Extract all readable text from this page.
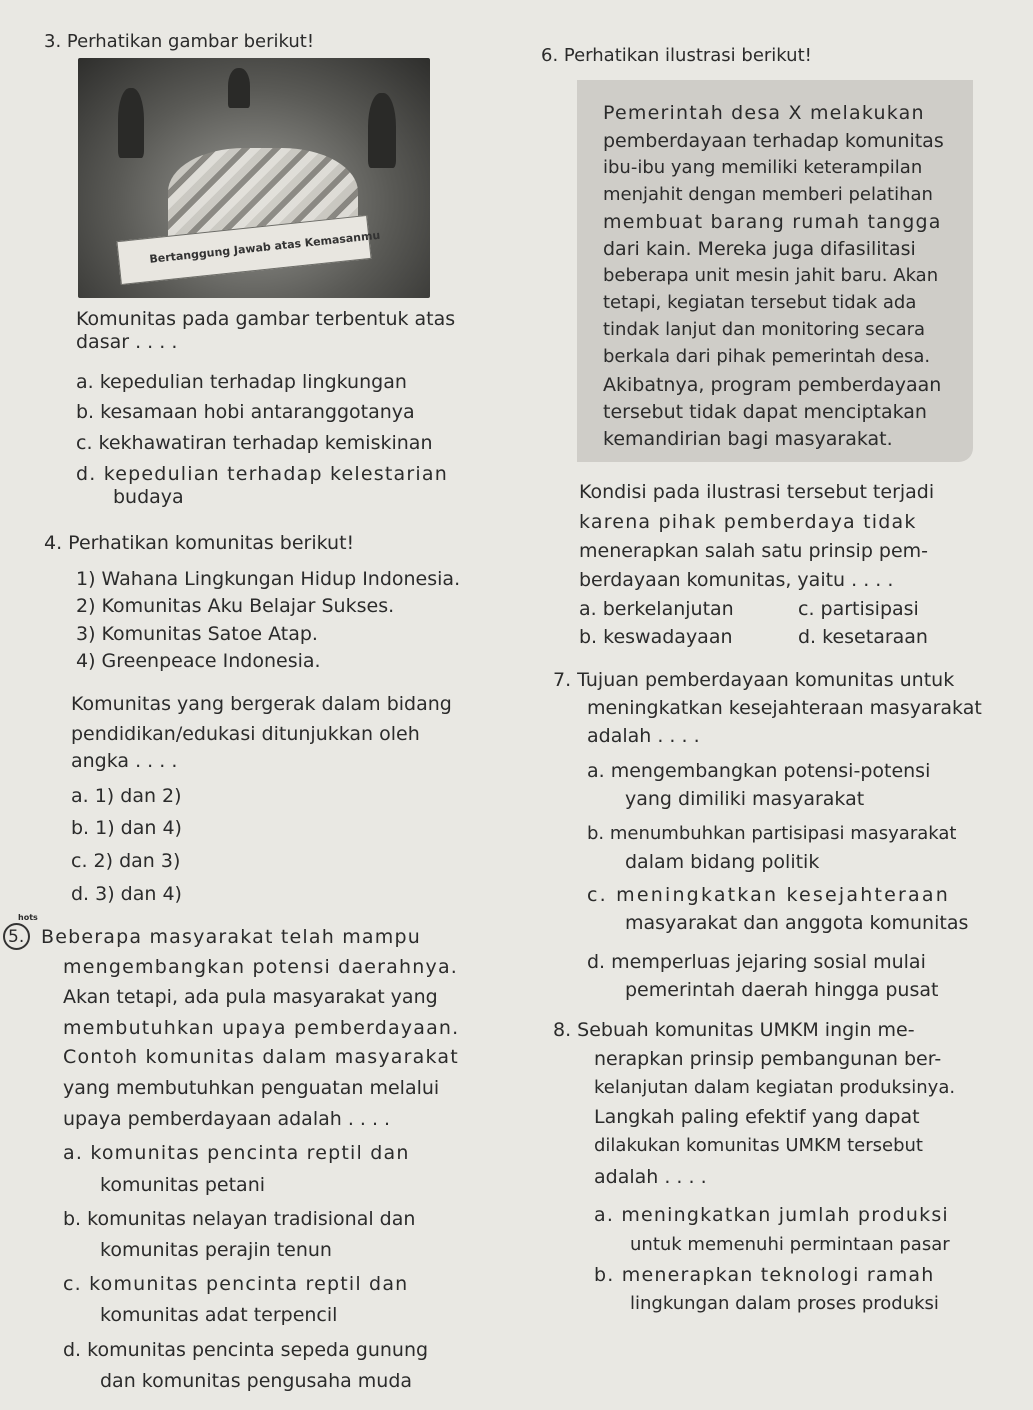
3. Perhatikan gambar berikut!
Bertanggung Jawab atas Kemasanmu
Komunitas pada gambar terbentuk atas
dasar . . . .
a. kepedulian terhadap lingkungan
b. kesamaan hobi antaranggotanya
c. kekhawatiran terhadap kemiskinan
d. kepedulian terhadap kelestarian
budaya
4. Perhatikan komunitas berikut!
1) Wahana Lingkungan Hidup Indonesia.
2) Komunitas Aku Belajar Sukses.
3) Komunitas Satoe Atap.
4) Greenpeace Indonesia.
Komunitas yang bergerak dalam bidang
pendidikan/edukasi ditunjukkan oleh
angka . . . .
a. 1) dan 2)
b. 1) dan 4)
c. 2) dan 3)
d. 3) dan 4)
hots
5. Beberapa masyarakat telah mampu
mengembangkan potensi daerahnya.
Akan tetapi, ada pula masyarakat yang
membutuhkan upaya pemberdayaan.
Contoh komunitas dalam masyarakat
yang membutuhkan penguatan melalui
upaya pemberdayaan adalah . . . .
a. komunitas pencinta reptil dan
komunitas petani
b. komunitas nelayan tradisional dan
komunitas perajin tenun
c. komunitas pencinta reptil dan
komunitas adat terpencil
d. komunitas pencinta sepeda gunung
dan komunitas pengusaha muda
6. Perhatikan ilustrasi berikut!
Pemerintah desa X melakukan
pemberdayaan terhadap komunitas
ibu-ibu yang memiliki keterampilan
menjahit dengan memberi pelatihan
membuat barang rumah tangga
dari kain. Mereka juga difasilitasi
beberapa unit mesin jahit baru. Akan
tetapi, kegiatan tersebut tidak ada
tindak lanjut dan monitoring secara
berkala dari pihak pemerintah desa.
Akibatnya, program pemberdayaan
tersebut tidak dapat menciptakan
kemandirian bagi masyarakat.
Kondisi pada ilustrasi tersebut terjadi
karena pihak pemberdaya tidak
menerapkan salah satu prinsip pem-
berdayaan komunitas, yaitu . . . .
a. berkelanjutan	c. partisipasi
b. keswadayaan	d. kesetaraan
7. Tujuan pemberdayaan komunitas untuk
meningkatkan kesejahteraan masyarakat
adalah . . . .
a. mengembangkan potensi-potensi
yang dimiliki masyarakat
b. menumbuhkan partisipasi masyarakat
dalam bidang politik
c. meningkatkan kesejahteraan
masyarakat dan anggota komunitas
d. memperluas jejaring sosial mulai
pemerintah daerah hingga pusat
8. Sebuah komunitas UMKM ingin me-
nerapkan prinsip pembangunan ber-
kelanjutan dalam kegiatan produksinya.
Langkah paling efektif yang dapat
dilakukan komunitas UMKM tersebut
adalah . . . .
a. meningkatkan jumlah produksi
untuk memenuhi permintaan pasar
b. menerapkan teknologi ramah
lingkungan dalam proses produksi
